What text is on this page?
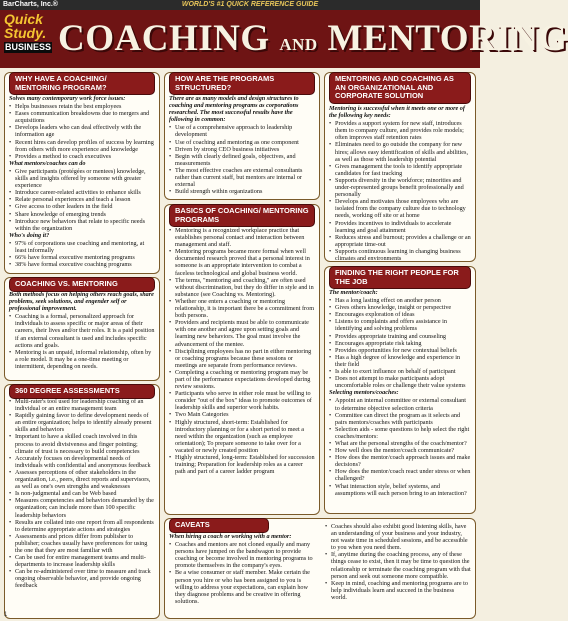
BarCharts, Inc.®	WORLD'S #1 QUICK REFERENCE GUIDE
Quick
Study.
BUSINESS COACHING AND MENTORING
WHY HAVE A COACHING/ MENTORING PROGRAM?

Solves many contemporary work force issues:

• Helps businesses retain the best employees
• Eases communication breakdowns due to mergers and acquisitions
• Develops leaders who can deal effectively with the information age
• Recent hires can develop profiles of success by learning from others with more experience and knowledge
• Provides a method to coach executives

What mentors/coaches can do

• Give participants (protégées or mentees) knowledge, skills and insights offered by someone with greater experience
• Introduce career-related activities to enhance skills
• Relate personal experiences and teach a lesson
• Give access to other leaders in the field
• Share knowledge of emerging trends
• Introduce new behaviors that relate to specific needs within the organization

Who's doing it?

• 97% of corporations use coaching and mentoring, at least informally
• 66% have formal executive mentoring programs
• 38% have formal executive coaching programs
COACHING VS. MENTORING

Both methods focus on helping others reach goals, share problems, seek solutions, and engender self or professional improvement.

• Coaching is a formal, personalized approach for individuals to assess specific or major areas of their careers, their lives and/or their roles. It is a paid position if an external consultant is used and includes specific actions and goals.
• Mentoring is an unpaid, informal relationship, often by a role model. It may be a one-time meeting or intermittent, depending on needs.
360 DEGREE ASSESSMENTS
• Multi-rater's tool used for leadership coaching of an individual or an entire management team
• Rapidly gaining favor to define development needs of an entire organization; helps to identify already present skills and behaviors
• Important to have a skilled coach involved in this process to avoid divisiveness and finger pointing; climate of trust is necessary to build competencies
• Accurately focuses on developmental needs of individuals with confidential and anonymous feedback
• Assesses perceptions of other stakeholders in the organization, i.e., peers, direct reports and supervisors, as well as one's own strengths and weaknesses
• Is non-judgmental and can be Web based
• Measures competencies and behaviors demanded by the organization; can include more than 100 specific leadership behaviors
• Results are collated into one report from all respondents to determine appropriate actions and strategies
• Assessments and prices differ from publisher to publisher; coaches usually have preferences for using the one that they are most familiar with
• Can be used for entire management teams and multi-departments to increase leadership skills
• Can be re-administered over time to measure and track ongoing observable behavior, and provide ongoing feedback
HOW ARE THE PROGRAMS STRUCTURED?

There are as many models and design structures to coaching and mentoring programs as corporations researched. The most successful results have the following in common:

• Use of a comprehensive approach to leadership development
• Use of coaching and mentoring as one component
• Driven by strong CEO business initiatives
• Begin with clearly defined goals, objectives, and measurements
• The most effective coaches are external consultants rather than current staff, but mentors are internal or external
• Build strength within organizations
BASICS OF COACHING/ MENTORING PROGRAMS
• Mentoring is a recognized workplace practice that establishes personal contact and interaction between management and staff.
• Mentoring programs became more formal when well documented research proved that a personal interest in someone is an appropriate intervention to combat a faceless technological and global business world.
• The terms, "mentoring and coaching," are often used without discrimination, but they do differ in style and in substance (see Coaching vs. Mentoring).
• Whether one enters a coaching or mentoring relationship, it is important there be a commitment from both persons.
• Providers and recipients must be able to communicate with one another and agree upon setting goals and learning new behaviors. The goal must involve the advancement of the mentee.
• Disciplining employees has no part in either mentoring or coaching programs because these sessions or meetings are separate from performance reviews.
• Completing a coaching or mentoring program may be part of the performance expectations developed during review sessions.
• Participants who serve in either role must be willing to consider "out of the box" ideas to promote outcomes of leadership skills and superior work habits.
• Two Main Categories
• Highly structured, short-term: Established for introductory planning or for a short period to meet a need within the organization (such as employee orientation); To prepare someone to take over for a vacated or newly created position
• Highly structured, long-term: Established for succession training; Preparation for leadership roles as a career path and part of a career ladder program
CAVEATS

When hiring a coach or working with a mentor:

• Coaches and mentors are not cloned equally and many persons have jumped on the bandwagon to provide coaching or become involved in mentoring programs to promote themselves in the company's eyes.
• Be a wise consumer or staff member. Make certain the person you hire or who has been assigned to you is willing to address your expectations, can explain how they diagnose problems and be creative in offering solutions.
• Coaches should also exhibit good listening skills, have an understanding of your business and your industry, not waste time in scheduled sessions, and be accessible to you when you need them.
• If, anytime during the coaching process, any of these things cease to exist, then it may be time to question the relationship or terminate the coaching program with that person and seek out someone more compatible.
• Keep in mind, coaching and mentoring programs are to help individuals learn and succeed in the business world.
MENTORING AND COACHING AS AN ORGANIZATIONAL AND CORPORATE SOLUTION

Mentoring is successful when it meets one or more of the following key needs:

• Provides a support system for new staff, introduces them to company culture, and provides role models; often improves staff retention rates
• Eliminates need to go outside the company for new hires; allows easy identification of skills and abilities, as well as those with leadership potential
• Gives management the tools to identify appropriate candidates for fast tracking
• Supports diversity in the workforce; minorities and under-represented groups benefit professionally and personally
• Develops and motivates those employees who are isolated from the company culture due to technology needs, working off site or at home
• Provides incentives to individuals to accelerate learning and goal attainment
• Reduces stress and burnout; provides a challenge or an appropriate time-out
• Supports continuous learning in changing business climates and environments
FINDING THE RIGHT PEOPLE FOR THE JOB

The mentor/coach:

• Has a long lasting effect on another person
• Gives others knowledge, insight or perspective
• Encourages exploration of ideas
• Listens to complaints and offers assistance in identifying and solving problems
• Provides appropriate training and counseling
• Encourages appropriate risk taking
• Provides opportunities for new contextual beliefs
• Has a high degree of knowledge and experience in their field
• Is able to exert influence on behalf of participant
• Does not attempt to make participants adopt uncomfortable roles or challenge their value systems

Selecting mentors/coaches:

• Appoint an internal committee or external consultant to determine objective selection criteria
• Committee can direct the program as it selects and pairs mentors/coaches with participants
• Selection aids - some questions to help select the right coaches/mentors:
• What are the personal strengths of the coach/mentor?
• How well does the mentor/coach communicate?
• How does the mentor/coach approach issues and make decisions?
• How does the mentor/coach react under stress or when challenged?
• What interaction style, belief systems, and assumptions will each person bring to an interaction?
1
